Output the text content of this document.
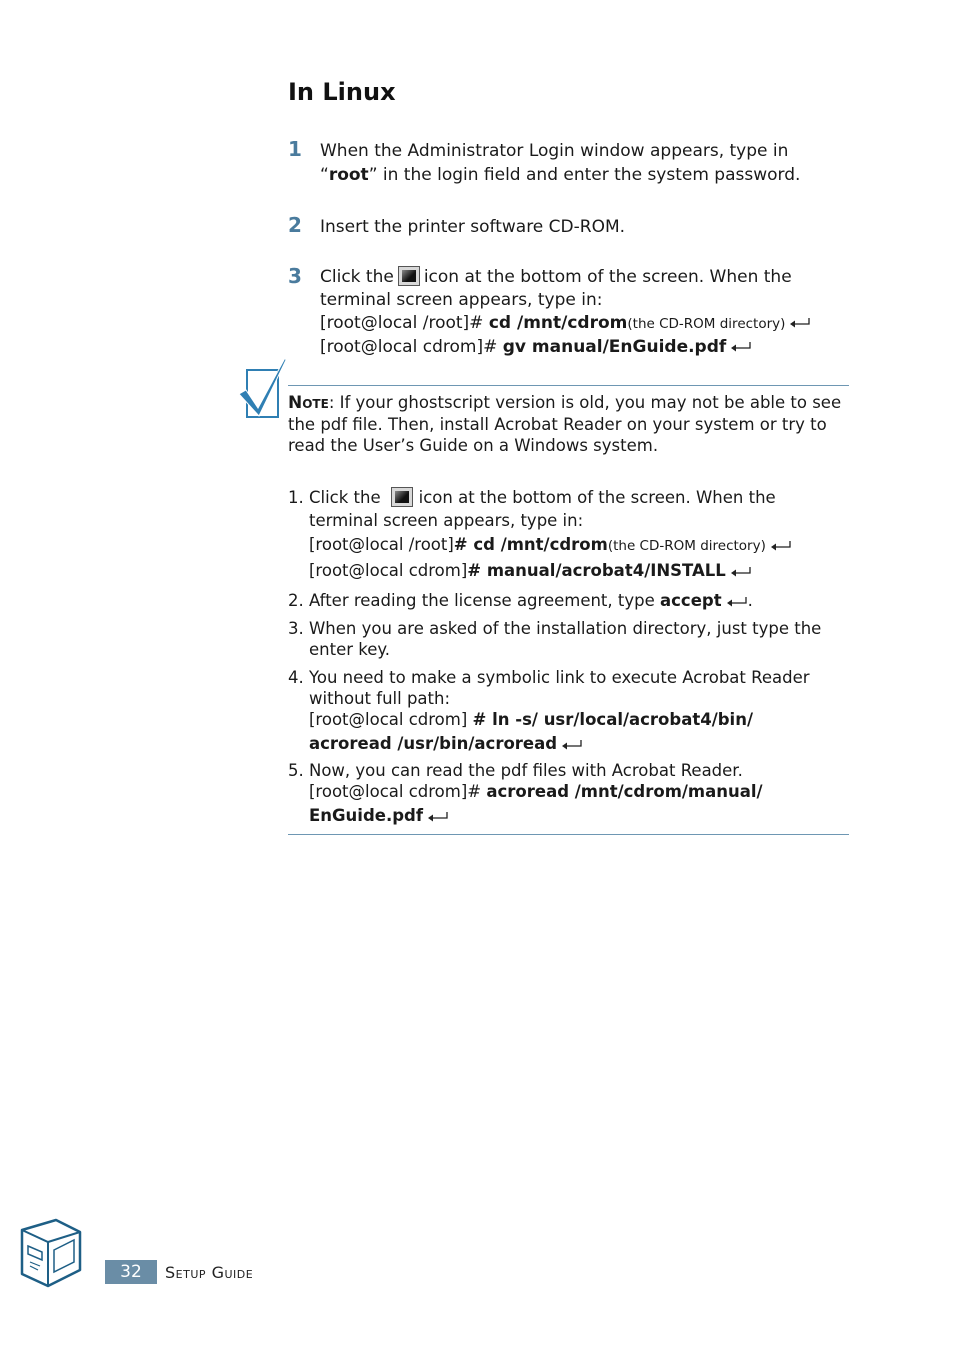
In Linux
1 When the Administrator Login window appears, type in
“root” in the login field and enter the system password.
2 Insert the printer software CD-ROM.
3 Click the icon at the bottom of the screen. When the
terminal screen appears, type in:
[root@local /root]# cd /mnt/cdrom(the CD-ROM directory)
[root@local cdrom]# gv manual/EnGuide.pdf
Note: If your ghostscript version is old, you may not be able to see the pdf file. Then, install Acrobat Reader on your system or try to read the User’s Guide on a Windows system.
1. Click the icon at the bottom of the screen. When the
terminal screen appears, type in:
[root@local /root]# cd /mnt/cdrom(the CD-ROM directory)
[root@local cdrom]# manual/acrobat4/INSTALL
2. After reading the license agreement, type accept .
3. When you are asked of the installation directory, just type the
enter key.
4. You need to make a symbolic link to execute Acrobat Reader
without full path:
[root@local cdrom] # ln -s/ usr/local/acrobat4/bin/
acroread /usr/bin/acroread
5. Now, you can read the pdf files with Acrobat Reader.
[root@local cdrom]# acroread /mnt/cdrom/manual/
EnGuide.pdf
32	Setup Guide
